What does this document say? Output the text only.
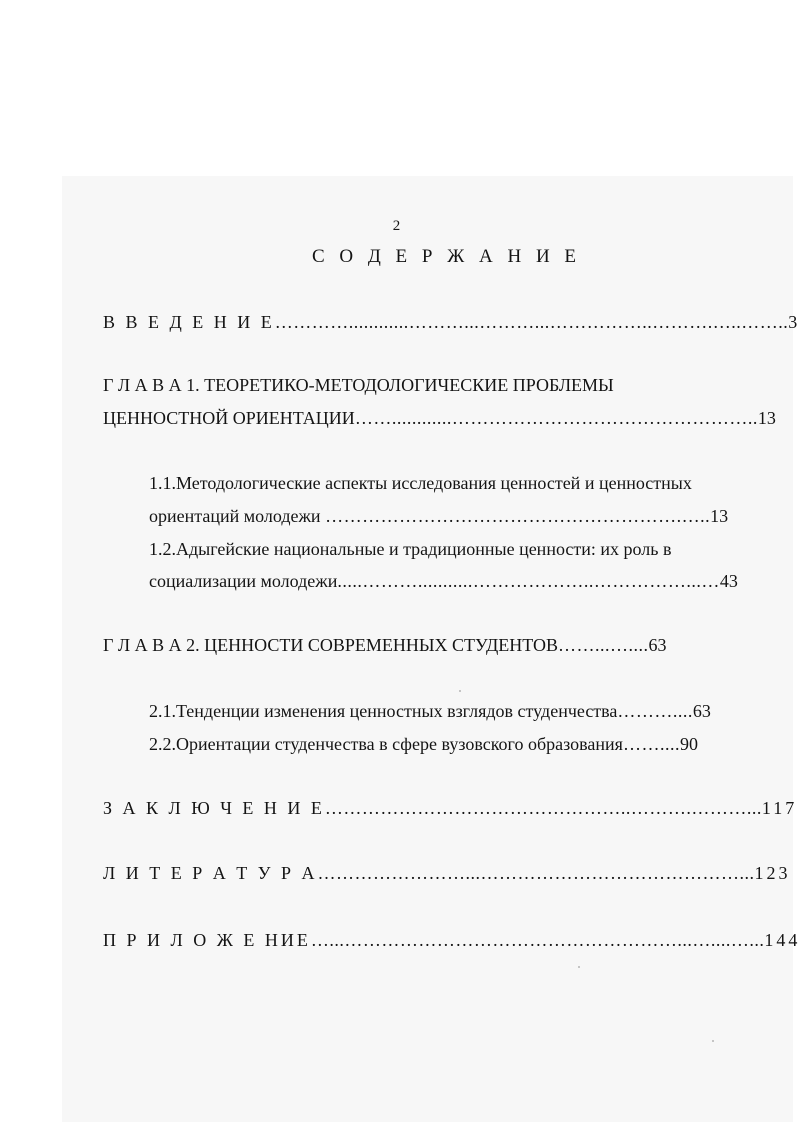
2
С О Д Е Р Ж А Н И Е
В В Е Д Е Н И Е…………............………...………...……………..……….…..……..3
Г Л А В А 1. ТЕОРЕТИКО-МЕТОДОЛОГИЧЕСКИЕ ПРОБЛЕМЫ
ЦЕННОСТНОЙ ОРИЕНТАЦИИ……............…………………………………………..13
1.1.Методологические аспекты исследования ценностей и ценностных
ориентаций молодежи ………………………………………………….…..13
1.2.Адыгейские национальные и традиционные ценности: их роль в
социализации молодежи.....………...........………………..……………...…43
Г Л А В А 2. ЦЕННОСТИ СОВРЕМЕННЫХ СТУДЕНТОВ……...…....63
2.1.Тенденции изменения ценностных взглядов студенчества………....63
2.2.Ориентации студенчества в сфере вузовского образования……....90
З А К Л Ю Ч Е Н И Е…………………………………………..……….………...117
Л И Т Е Р А Т У Р А……………………...……………………………………...123
П Р И Л О Ж Е НИЕ…...………………………………………………...…....…...144
